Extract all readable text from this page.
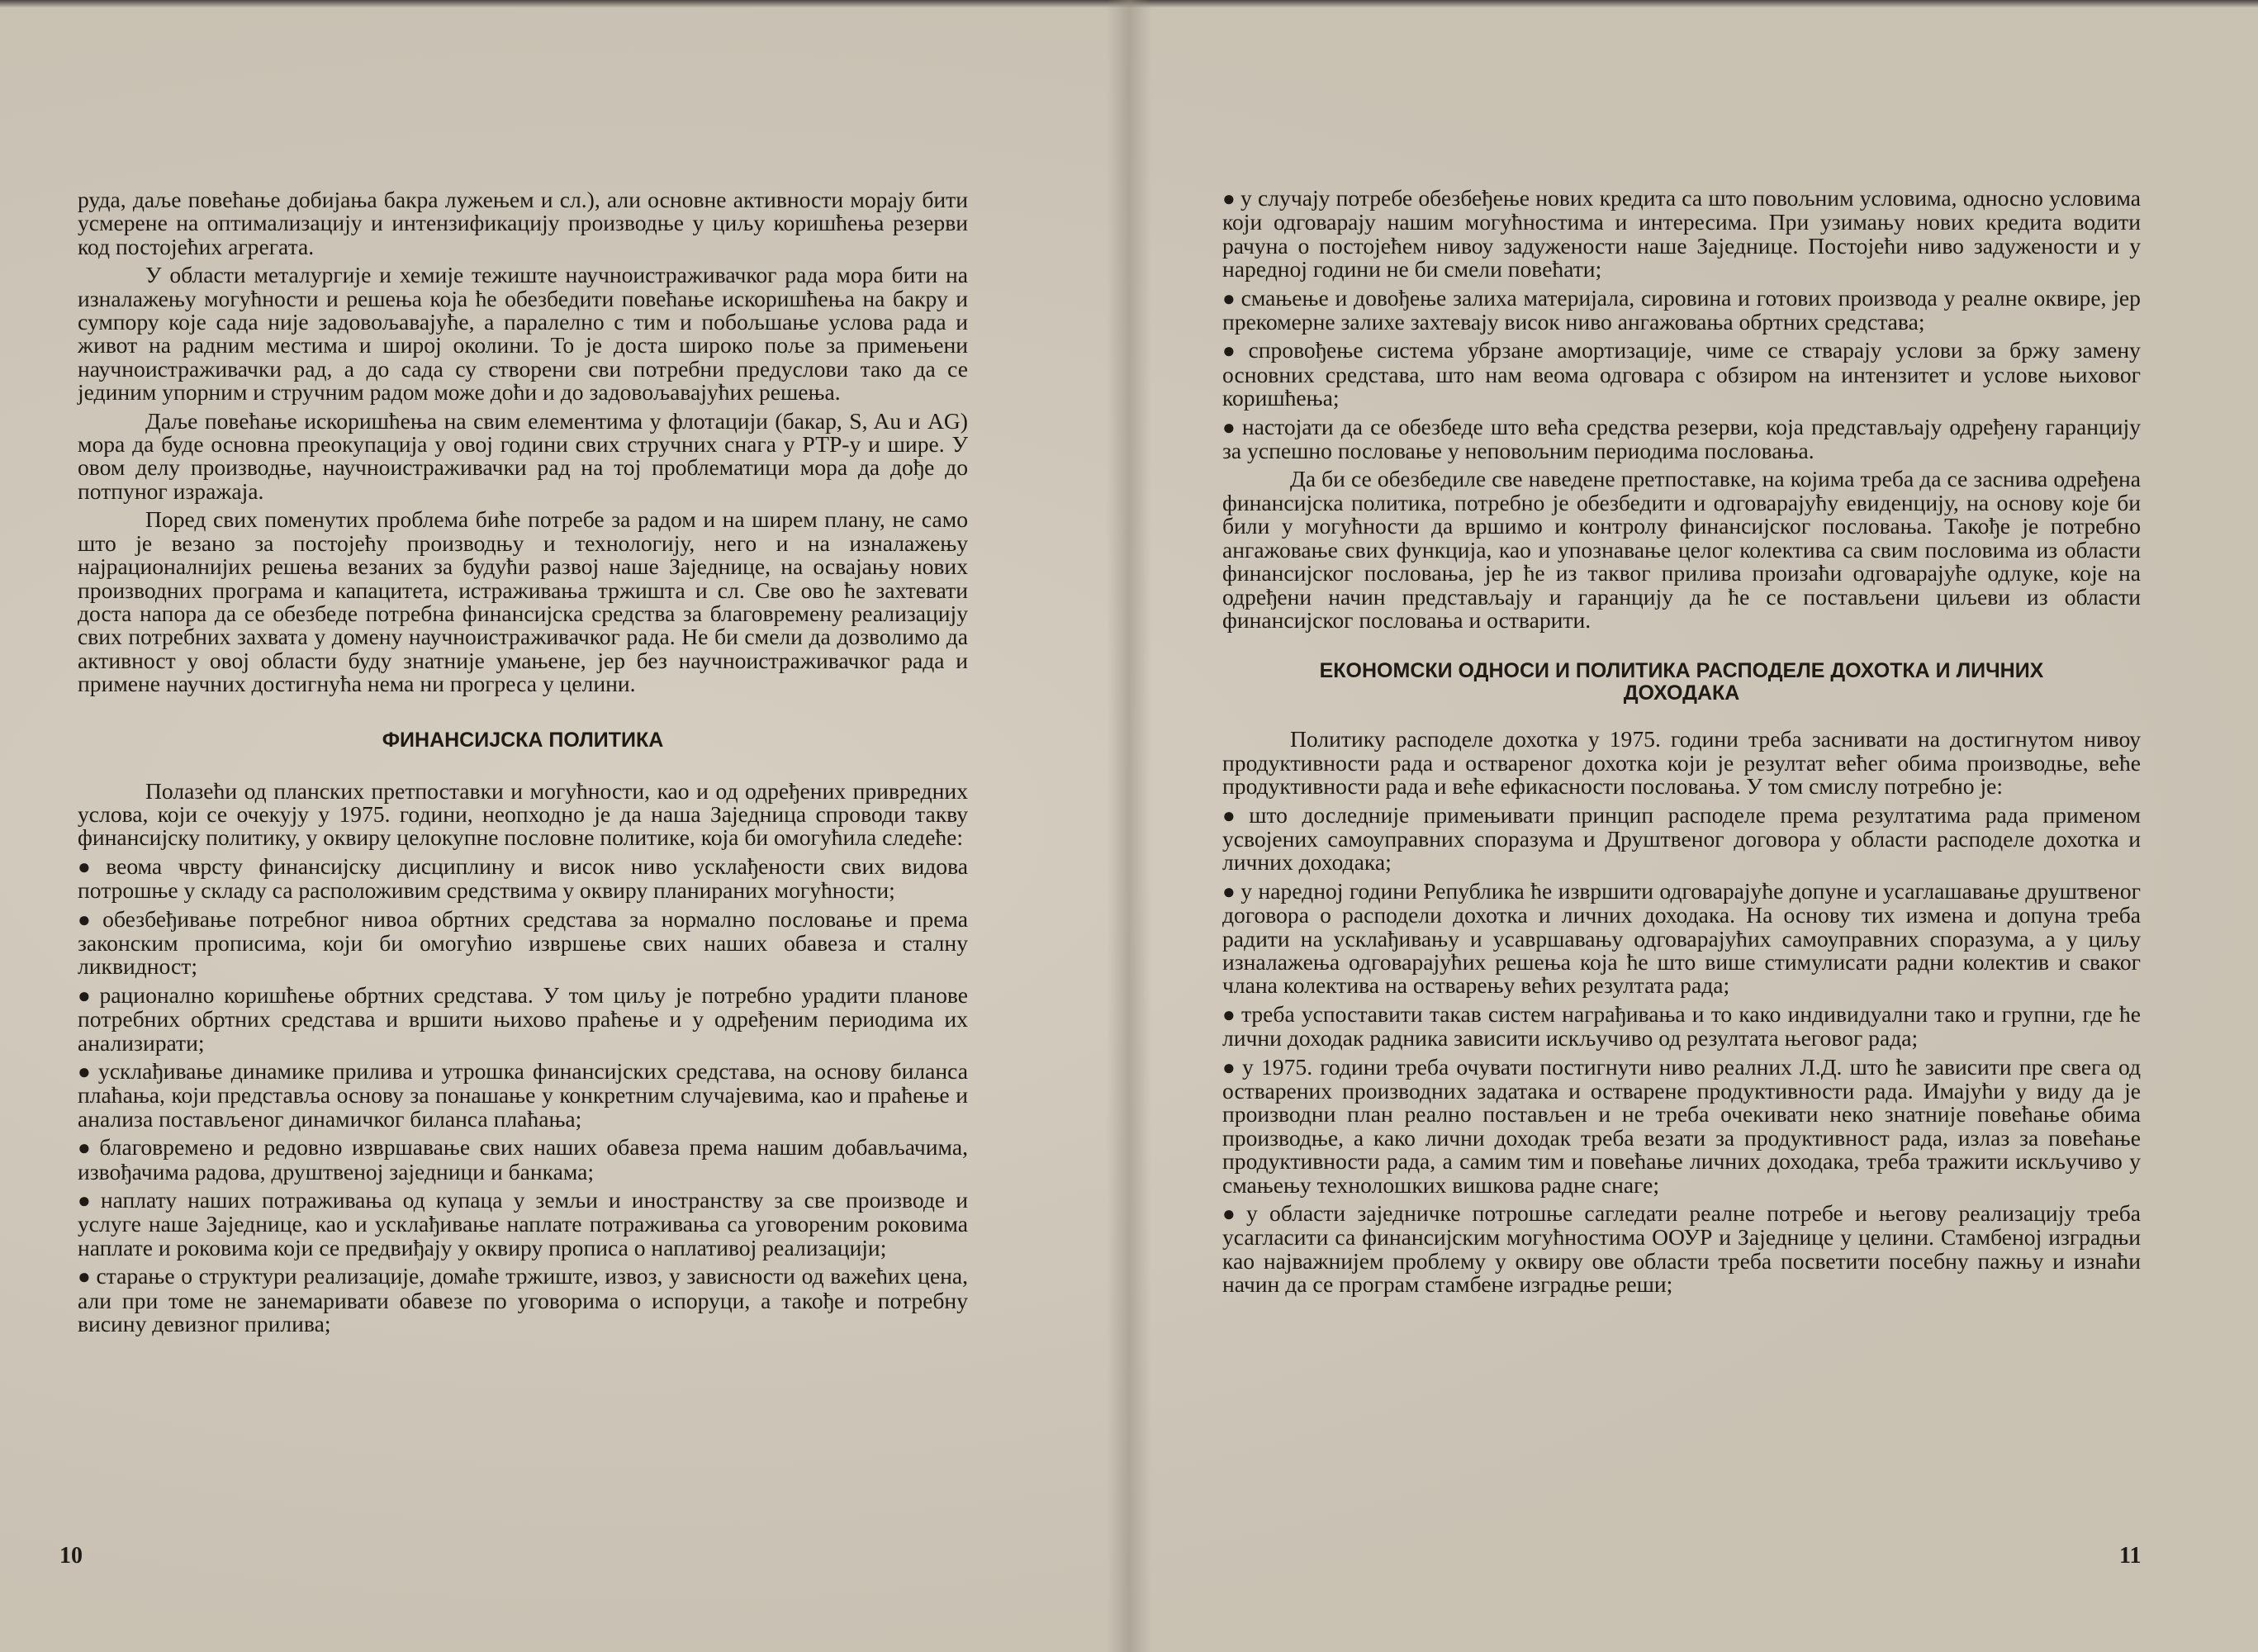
руда, даље повећање добијања бакра лужењем и сл.), али основне активности морају бити усмерене на оптимализацију и интензификацију производње у циљу коришћења резерви код постојећих агрегата.

У области металургије и хемије тежиште научноистраживачког рада мора бити на изналажењу могућности и решења која ће обезбедити повећање искоришћења на бакру и сумпору које сада није задовољавајуће, а паралелно с тим и побољшање услова рада и живот на радним местима и широј околини. То је доста широко поље за примењени научноистраживачки рад, а до сада су створени сви потребни предуслови тако да се јединим упорним и стручним радом може доћи и до задовољавајућих решења.

Даље повећање искоришћења на свим елементима у флотацији (бакар, S, Au и AG) мора да буде основна преокупација у овој години свих стручних снага у РТР-у и шире. У овом делу производње, научноистраживачки рад на тој проблематици мора да дође до потпуног изражаја.

Поред свих поменутих проблема биће потребе за радом и на ширем плану, не само што је везано за постојећу производњу и технологију, него и на изналажењу најрационалнијих решења везаних за будући развој наше Заједнице, на освајању нових производних програма и капацитета, истраживања тржишта и сл. Све ово ће захтевати доста напора да се обезбеде потребна финансијска средства за благовремену реализацију свих потребних захвата у домену научноистраживачког рада. Не би смели да дозволимо да активност у овој области буду знатније умањене, јер без научноистраживачког рада и примене научних достигнућа нема ни прогреса у целини.

ФИНАНСИЈСКА ПОЛИТИКА

Полазећи од планских претпоставки и могућности, као и од одређених привредних услова, који се очекују у 1975. години, неопходно је да наша Заједница спроводи такву финансијску политику, у оквиру целокупне пословне политике, која би омогућила следеће:

● веома чврсту финансијску дисциплину и висок ниво усклађености свих видова потрошње у складу са расположивим средствима у оквиру планираних могућности;

● обезбеђивање потребног нивоа обртних средстава за нормално пословање и према законским прописима, који би омогућио извршење свих наших обавеза и сталну ликвидност;

● рационално коришћење обртних средстава. У том циљу је потребно урадити планове потребних обртних средстава и вршити њихово праћење и у одређеним периодима их анализирати;

● усклађивање динамике прилива и утрошка финансијских средстава, на основу биланса плаћања, који представља основу за понашање у конкретним случајевима, као и праћење и анализа постављеног динамичког биланса плаћања;

● благовремено и редовно извршавање свих наших обавеза према нашим добављачима, извођачима радова, друштвеној заједници и банкама;

● наплату наших потраживања од купаца у земљи и иностранству за све производе и услуге наше Заједнице, као и усклађивање наплате потраживања са уговореним роковима наплате и роковима који се предвиђају у оквиру прописа о наплативој реализацији;

● старање о структури реализације, домаће тржиште, извоз, у зависности од важећих цена, али при томе не занемаривати обавезе по уговорима о испоруци, а такође и потребну висину девизног прилива;

10

● у случају потребе обезбеђење нових кредита са што повољним условима, односно условима који одговарају нашим могућностима и интересима. При узимању нових кредита водити рачуна о постојећем нивоу задужености наше Заједнице. Постојећи ниво задужености и у наредној години не би смели повећати;

● смањење и довођење залиха материјала, сировина и готових производа у реалне оквире, јер прекомерне залихе захтевају висок ниво ангажовања обртних средстава;

● спровођење система убрзане амортизације, чиме се стварају услови за бржу замену основних средстава, што нам веома одговара с обзиром на интензитет и услове њиховог коришћења;

● настојати да се обезбеде што већа средства резерви, која представљају одређену гаранцију за успешно пословање у неповољним периодима пословања.

Да би се обезбедиле све наведене претпоставке, на којима треба да се заснива одређена финансијска политика, потребно је обезбедити и одговарајућу евиденцију, на основу које би били у могућности да вршимо и контролу финансијског пословања. Такође је потребно ангажовање свих функција, као и упознавање целог колектива са свим пословима из области финансијског пословања, јер ће из таквог прилива произаћи одговарајуће одлуке, које на одређени начин представљају и гаранцију да ће се постављени циљеви из области финансијског пословања и остварити.

ЕКОНОМСКИ ОДНОСИ И ПОЛИТИКА РАСПОДЕЛЕ ДОХОТКА И ЛИЧНИХ ДОХОДАКА

Политику расподеле дохотка у 1975. години треба заснивати на достигнутом нивоу продуктивности рада и оствареног дохотка који је резултат већег обима производње, веће продуктивности рада и веће ефикасности пословања. У том смислу потребно је:

● што доследније примењивати принцип расподеле према резултатима рада применом усвојених самоуправних споразума и Друштвеног договора у области расподеле дохотка и личних доходака;

● у наредној години Република ће извршити одговарајуће допуне и усаглашавање друштвеног договора о расподели дохотка и личних доходака. На основу тих измена и допуна треба радити на усклађивању и усавршавању одговарајућих самоуправних споразума, а у циљу изналажења одговарајућих решења која ће што више стимулисати радни колектив и сваког члана колектива на остварењу већих резултата рада;

● треба успоставити такав систем награђивања и то како индивидуални тако и групни, где ће лични доходак радника зависити искључиво од резултата његовог рада;

● у 1975. години треба очувати постигнути ниво реалних Л.Д. што ће зависити пре свега од остварених производних задатака и остварене продуктивности рада. Имајући у виду да је производни план реално постављен и не треба очекивати неко знатније повећање обима производње, а како лични доходак треба везати за продуктивност рада, излаз за повећање продуктивности рада, а самим тим и повећање личних доходака, треба тражити искључиво у смањењу технолошких вишкова радне снаге;

● у области заједничке потрошње сагледати реалне потребе и његову реализацију треба усагласити са финансијским могућностима ООУР и Заједнице у целини. Стамбеној изградњи као најважнијем проблему у оквиру ове области треба посветити посебну пажњу и изнаћи начин да се програм стамбене изградње реши;

11
